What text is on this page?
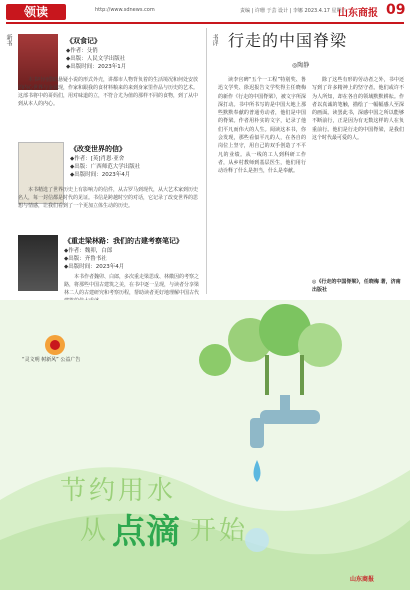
领读	http://www.sdnews.com	责编 | 许珊 于芸 设计 | 李娜 2023.4.17 星期六
山东商报 09
新书	书评
《双食记》
◆作者：殳俏
◆出版：人民文学出版社
◆出版时间：2023年1月
本书叶问借助悬疑小说的形式外壳，讲都市人物背负着的生活境况和何处安放的内心世界与金通现，作家和跟我的食材料粮来的来到身家里作品与历史的艺术。这部书将中的哥妈们，用对味道的立，不符合尤为值的那样不同的食物，到了从中到从本人的内心。
《改变世界的信》
◆作者：[英]肖恩·亚舍
◆出版：广西师范大学出版社
◆出版时间：2023年4月
本书精选了世界历史上有影响力的信件，从古罗马到现代，从大艺术家到历史名人，每一封信都是时代的见证。书信是跨越时空的对话，它记录了改变世界的思想与情感，让我们看到了一个更加立体生动的历史。
《重走梁林路：我们的古建考察笔记》
◆作者：魏卯，白郎
◆出版：齐鲁书社
◆出版时间：2023年4月
本书作者魏卯、白郎，多次重走梁思成、林徽因的考察之路，将那些中国古建筑之美，在书中逐一呈现，与读者分享梁林二人的古建研究和考察历程，帮助读者更好地理解中国古代
行走的中国脊梁
◎陶静
读李官碑“五个一工程”特别奖、鲁迅文学奖、徐迟报告文学奖得主任晓梅的新作《行走的中国脊梁》，被文字所深深打动。书中所书写的是中国大地上那些默默奉献的普通劳动者，他们是中国的脊梁。作者用朴实的文字，记录了他们平凡而伟大的人生。阅读这本书，你会发现，那些看似平凡的人，在各自的岗位上坚守，用自己的双手创造了不平凡的业绩。从一线的工人到科研工作者，从乡村教师到基层医生，他们用行动诠释了什么是担当，什么是奉献。
除了这些有形的劳动者之外，书中还写到了许多精神上的坚守者。他们或许不为人所知，却在各自的领域默默耕耘。作者以真诚的笔触，描绘了一幅幅感人至深的画面。读罢此书，深感中国之所以能够不断前行，正是因为有无数这样的人在负重前行。他们是行走的中国脊梁，是我们这个时代最可爱的人。
◎《行走的中国脊梁》，任晓梅 著，济南出版社
“灵文明 树新风” 公益广告
节约用水
从 点滴 开始
山东商报
